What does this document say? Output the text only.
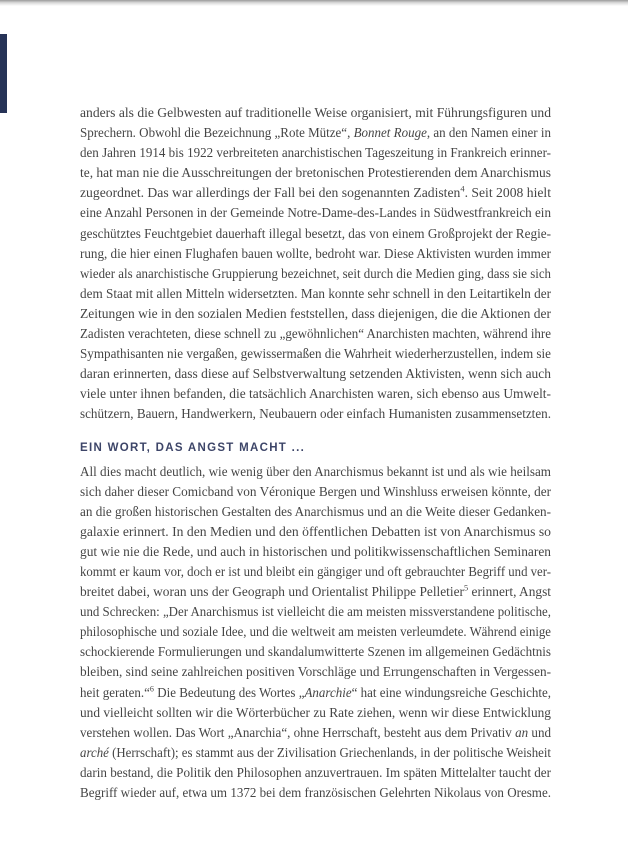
anders als die Gelbwesten auf traditionelle Weise organisiert, mit Führungsfiguren und
Sprechern. Obwohl die Bezeichnung „Rote Mütze“, Bonnet Rouge, an den Namen einer in
den Jahren 1914 bis 1922 verbreiteten anarchistischen Tageszeitung in Frankreich erinner-
te, hat man nie die Ausschreitungen der bretonischen Protestierenden dem Anarchismus
zugeordnet. Das war allerdings der Fall bei den sogenannten Zadisten$^4$. Seit 2008 hielt
eine Anzahl Personen in der Gemeinde Notre-Dame-des-Landes in Südwestfrankreich ein
geschütztes Feuchtgebiet dauerhaft illegal besetzt, das von einem Großprojekt der Regie-
rung, die hier einen Flughafen bauen wollte, bedroht war. Diese Aktivisten wurden immer
wieder als anarchistische Gruppierung bezeichnet, seit durch die Medien ging, dass sie sich
dem Staat mit allen Mitteln widersetzten. Man konnte sehr schnell in den Leitartikeln der
Zeitungen wie in den sozialen Medien feststellen, dass diejenigen, die die Aktionen der
Zadisten verachteten, diese schnell zu „gewöhnlichen“ Anarchisten machten, während ihre
Sympathisanten nie vergaßen, gewissermaßen die Wahrheit wiederherzustellen, indem sie
daran erinnerten, dass diese auf Selbstverwaltung setzenden Aktivisten, wenn sich auch
viele unter ihnen befanden, die tatsächlich Anarchisten waren, sich ebenso aus Umwelt-
schützern, Bauern, Handwerkern, Neubauern oder einfach Humanisten zusammensetzten.
EIN WORT, DAS ANGST MACHT ...
All dies macht deutlich, wie wenig über den Anarchismus bekannt ist und als wie heilsam
sich daher dieser Comicband von Véronique Bergen und Winshluss erweisen könnte, der
an die großen historischen Gestalten des Anarchismus und an die Weite dieser Gedanken-
galaxie erinnert. In den Medien und den öffentlichen Debatten ist von Anarchismus so
gut wie nie die Rede, und auch in historischen und politikwissenschaftlichen Seminaren
kommt er kaum vor, doch er ist und bleibt ein gängiger und oft gebrauchter Begriff und ver-
breitet dabei, woran uns der Geograph und Orientalist Philippe Pelletier$^5$ erinnert, Angst
und Schrecken: „Der Anarchismus ist vielleicht die am meisten missverstandene politische,
philosophische und soziale Idee, und die weltweit am meisten verleumdete. Während einige
schockierende Formulierungen und skandalumwitterte Szenen im allgemeinen Gedächtnis
bleiben, sind seine zahlreichen positiven Vorschläge und Errungenschaften in Vergessen-
heit geraten.“$^6$ Die Bedeutung des Wortes „Anarchie“ hat eine windungsreiche Geschichte,
und vielleicht sollten wir die Wörterbücher zu Rate ziehen, wenn wir diese Entwicklung
verstehen wollen. Das Wort „Anarchia“, ohne Herrschaft, besteht aus dem Privativ an und
arché (Herrschaft); es stammt aus der Zivilisation Griechenlands, in der politische Weisheit
darin bestand, die Politik den Philosophen anzuvertrauen. Im späten Mittelalter taucht der
Begriff wieder auf, etwa um 1372 bei dem französischen Gelehrten Nikolaus von Oresme.
